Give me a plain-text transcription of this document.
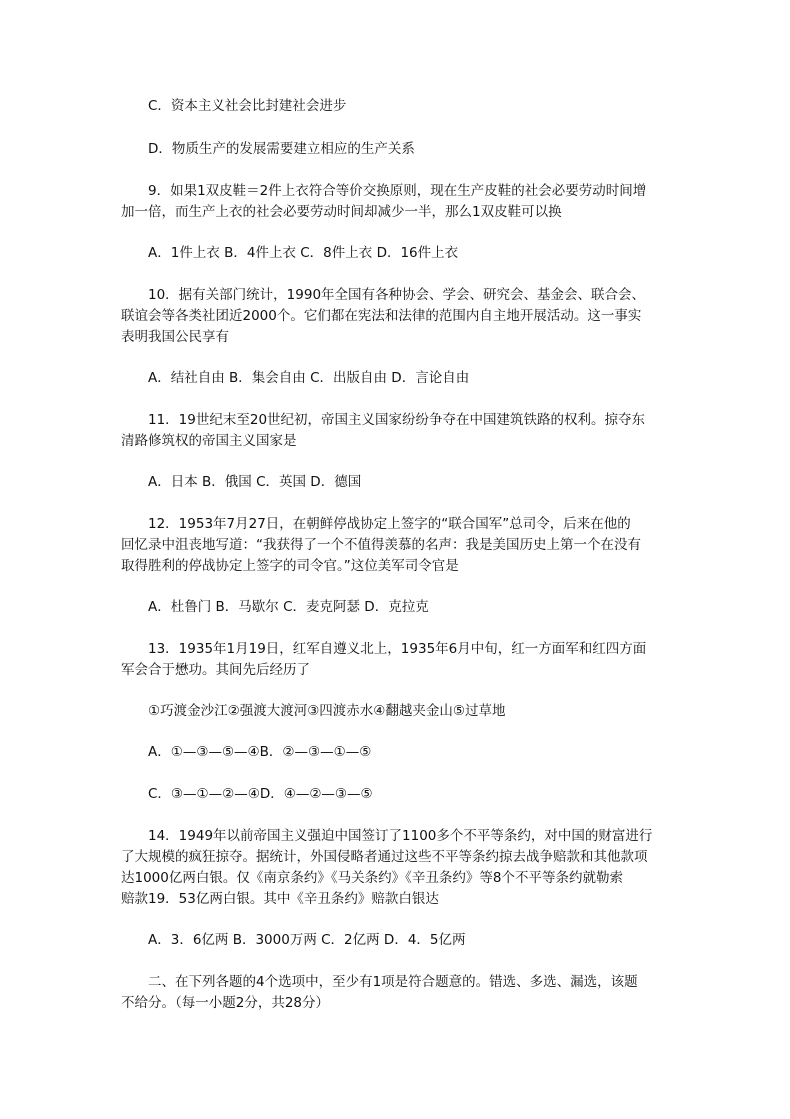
C．资本主义社会比封建社会进步
D．物质生产的发展需要建立相应的生产关系
9．如果1双皮鞋＝2件上衣符合等价交换原则，现在生产皮鞋的社会必要劳动时间增
加一倍，而生产上衣的社会必要劳动时间却减少一半，那么1双皮鞋可以换
A．1件上衣 B．4件上衣 C．8件上衣 D．16件上衣
10．据有关部门统计，1990年全国有各种协会、学会、研究会、基金会、联合会、
联谊会等各类社团近2000个。它们都在宪法和法律的范围内自主地开展活动。这一事实
表明我国公民享有
A．结社自由 B．集会自由 C．出版自由 D．言论自由
11．19世纪末至20世纪初，帝国主义国家纷纷争夺在中国建筑铁路的权利。掠夺东
清路修筑权的帝国主义国家是
A．日本 B．俄国 C．英国 D．德国
12．1953年7月27日，在朝鲜停战协定上签字的“联合国军”总司令，后来在他的
回忆录中沮丧地写道：“我获得了一个不值得羡慕的名声：我是美国历史上第一个在没有
取得胜利的停战协定上签字的司令官。”这位美军司令官是
A．杜鲁门 B．马歇尔 C．麦克阿瑟 D．克拉克
13．1935年1月19日，红军自遵义北上，1935年6月中旬，红一方面军和红四方面
军会合于懋功。其间先后经历了
①巧渡金沙江②强渡大渡河③四渡赤水④翻越夹金山⑤过草地
A．①—③—⑤—④B．②—③—①—⑤
C．③—①—②—④D．④—②—③—⑤
14．1949年以前帝国主义强迫中国签订了1100多个不平等条约，对中国的财富进行
了大规模的疯狂掠夺。据统计，外国侵略者通过这些不平等条约掠去战争赔款和其他款项
达1000亿两白银。仅《南京条约》《马关条约》《辛丑条约》等8个不平等条约就勒索
赔款19．53亿两白银。其中《辛丑条约》赔款白银达
A．3．6亿两 B．3000万两 C．2亿两 D．4．5亿两
二、在下列各题的4个选项中，至少有1项是符合题意的。错选、多选、漏选，该题
不给分。（每一小题2分，共28分）
